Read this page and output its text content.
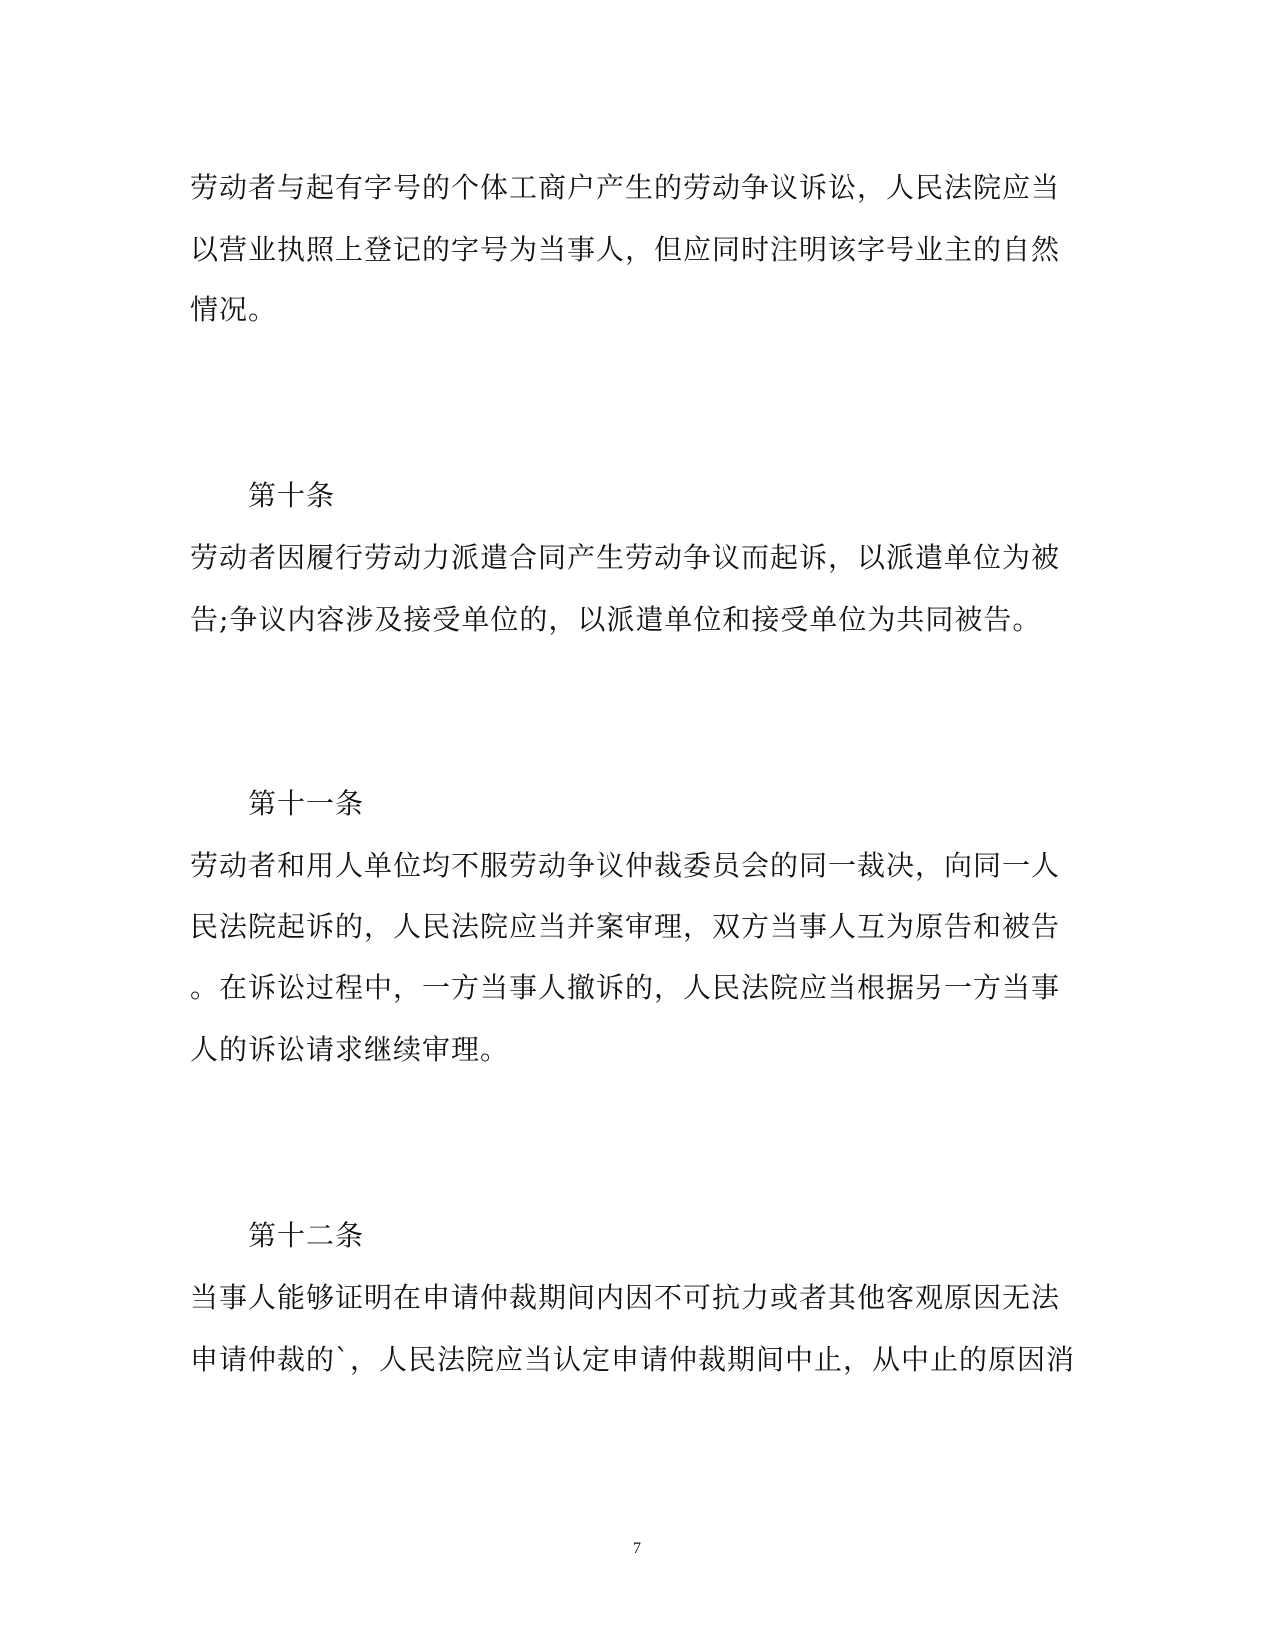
劳动者与起有字号的个体工商户产生的劳动争议诉讼，人民法院应当
以营业执照上登记的字号为当事人，但应同时注明该字号业主的自然
情况。
第十条
劳动者因履行劳动力派遣合同产生劳动争议而起诉，以派遣单位为被
告;争议内容涉及接受单位的，以派遣单位和接受单位为共同被告。
第十一条
劳动者和用人单位均不服劳动争议仲裁委员会的同一裁决，向同一人
民法院起诉的，人民法院应当并案审理，双方当事人互为原告和被告
。在诉讼过程中，一方当事人撤诉的，人民法院应当根据另一方当事
人的诉讼请求继续审理。
第十二条
当事人能够证明在申请仲裁期间内因不可抗力或者其他客观原因无法
申请仲裁的`，人民法院应当认定申请仲裁期间中止，从中止的原因消
7
